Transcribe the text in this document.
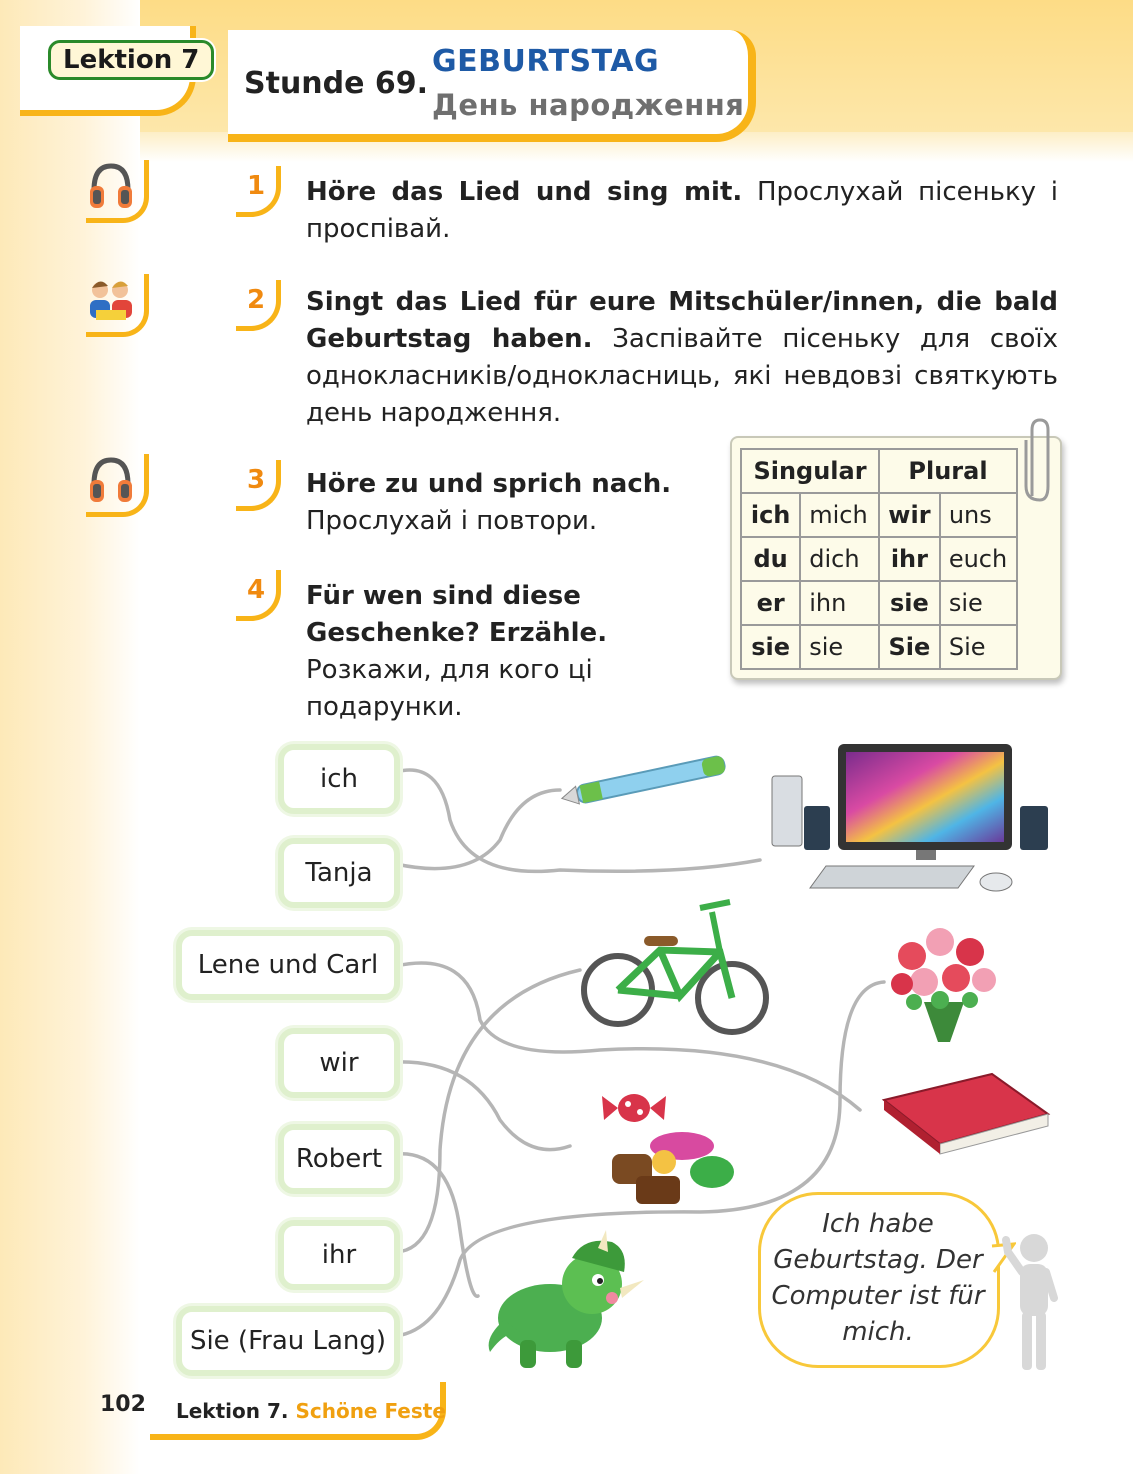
Lektion 7
Stunde 69.
GEBURTSTAG
День народження
1
2
3
4
Höre das Lied und sing mit. Прослухай пісеньку і проспівай.
Singt das Lied für eure Mitschüler/innen, die bald Geburtstag haben. Заспівайте пісеньку для своїх однокласників/однокласниць, які невдовзі святкують день народження.
Höre zu und sprich nach. Прослухай і повтори.
Für wen sind diese Geschenke? Erzähle. Розкажи, для кого ці подарунки.
Singular		Plural	
ich	mich	wir	uns
du	dich	ihr	euch
er	ihn	sie	sie
sie	sie	Sie	Sie
ich
Tanja
Lene und Carl
wir
Robert
ihr
Sie (Frau Lang)
Ich habe Geburtstag. Der Computer ist für mich.
102 Lektion 7. Schöne Feste
